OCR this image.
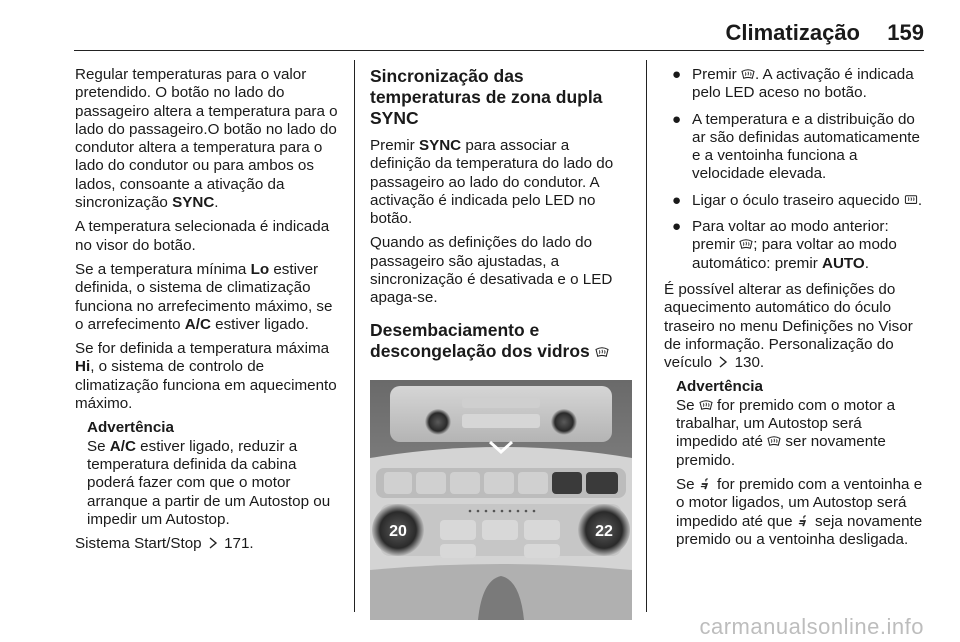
Climatização 159

Regular temperaturas para o valor pretendido. O botão no lado do passageiro altera a temperatura para o lado do passageiro.O botão no lado do condutor altera a temperatura para o lado do condutor ou para ambos os lados, consoante a ativação da sincronização SYNC.

A temperatura selecionada é indicada no visor do botão.

Se a temperatura mínima Lo estiver definida, o sistema de climatização funciona no arrefecimento máximo, se o arrefecimento A/C estiver ligado.

Se for definida a temperatura máxima Hi, o sistema de controlo de climatização funciona em aquecimento máximo.

Advertência

Se A/C estiver ligado, reduzir a temperatura definida da cabina poderá fazer com que o motor arranque a partir de um Autostop ou impedir um Autostop.

Sistema Start/Stop  171.

Sincronização das temperaturas de zona dupla SYNC

Premir SYNC para associar a definição da temperatura do lado do passageiro ao lado do condutor. A activação é indicada pelo LED no botão.

Quando as definições do lado do passageiro são ajustadas, a sincronização é desativada e o LED apaga-se.

Desembaciamento e descongelação dos vidros
20	22
● Premir . A activação é indicada pelo LED aceso no botão.
● A temperatura e a distribuição do ar são definidas automaticamente e a ventoinha funciona a velocidade elevada.
● Ligar o óculo traseiro aquecido .
● Para voltar ao modo anterior: premir ; para voltar ao modo automático: premir AUTO.

É possível alterar as definições do aquecimento automático do óculo traseiro no menu Definições no Visor de informação. Personalização do veículo  130.

Advertência

Se  for premido com o motor a trabalhar, um Autostop será impedido até  ser novamente premido.

Se  for premido com a ventoinha e o motor ligados, um Autostop será impedido até que  seja novamente premido ou a ventoinha desligada.

carmanualsonline.info
